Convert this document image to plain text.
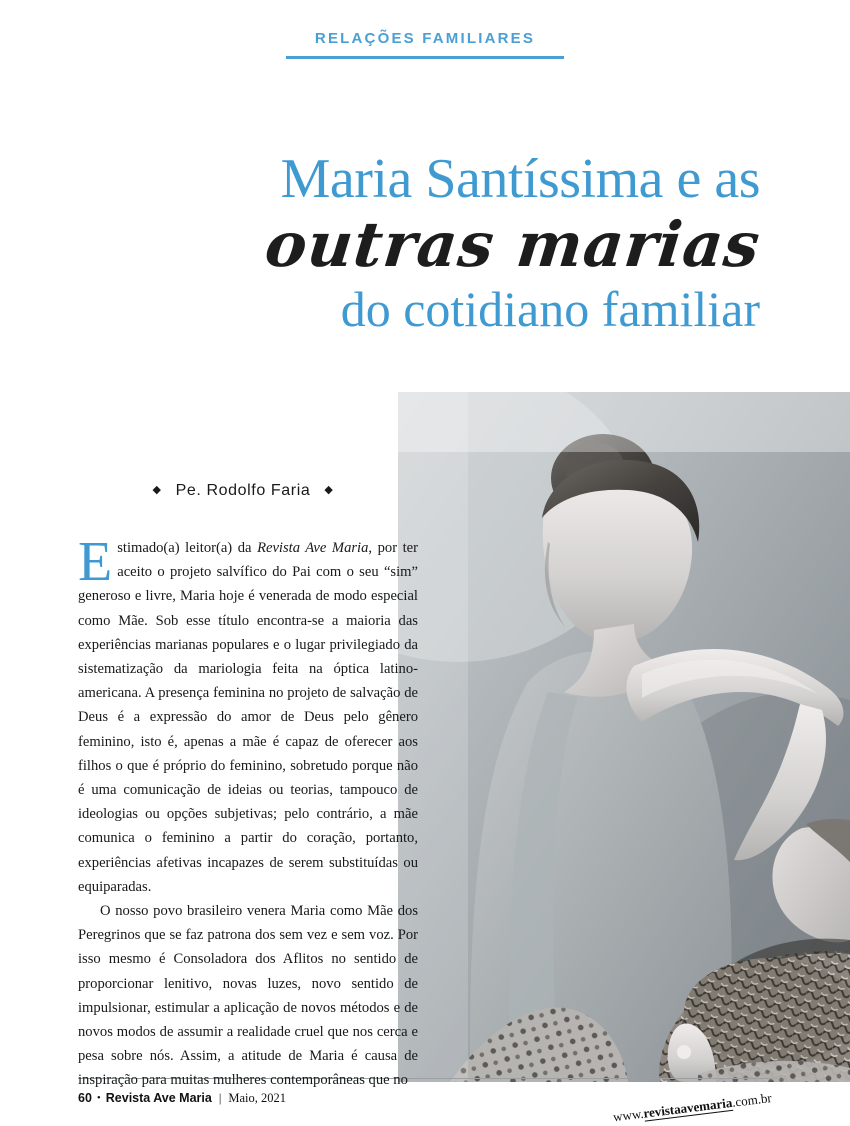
RELAÇÕES FAMILIARES
Maria Santíssima e as
outras marias
do cotidiano familiar
◆ Pe. Rodolfo Faria ◆

Estimado(a) leitor(a) da Revista Ave Maria, por ter aceito o projeto salvífico do Pai com o seu “sim” generoso e livre, Maria hoje é venerada de modo especial como Mãe. Sob esse título encontra-se a maioria das experiências marianas populares e o lugar privilegiado da sistematização da mariologia feita na óptica latino-americana. A presença feminina no projeto de salvação de Deus é a expressão do amor de Deus pelo gênero feminino, isto é, apenas a mãe é capaz de oferecer aos filhos o que é próprio do feminino, sobretudo porque não é uma comunicação de ideias ou teorias, tampouco de ideologias ou opções subjetivas; pelo contrário, a mãe comunica o feminino a partir do coração, portanto, experiências afetivas incapazes de serem substituídas ou equiparadas.

O nosso povo brasileiro venera Maria como Mãe dos Peregrinos que se faz patrona dos sem vez e sem voz. Por isso mesmo é Consoladora dos Aflitos no sentido de proporcionar lenitivo, novas luzes, novo sentido de impulsionar, estimular a aplicação de novos métodos e de novos modos de assumir a realidade cruel que nos cerca e pesa sobre nós. Assim, a atitude de Maria é causa de inspiração para muitas mulheres contemporâneas que no

60 • Revista Ave Maria | Maio, 2021
www.revistaavemaria.com.br
